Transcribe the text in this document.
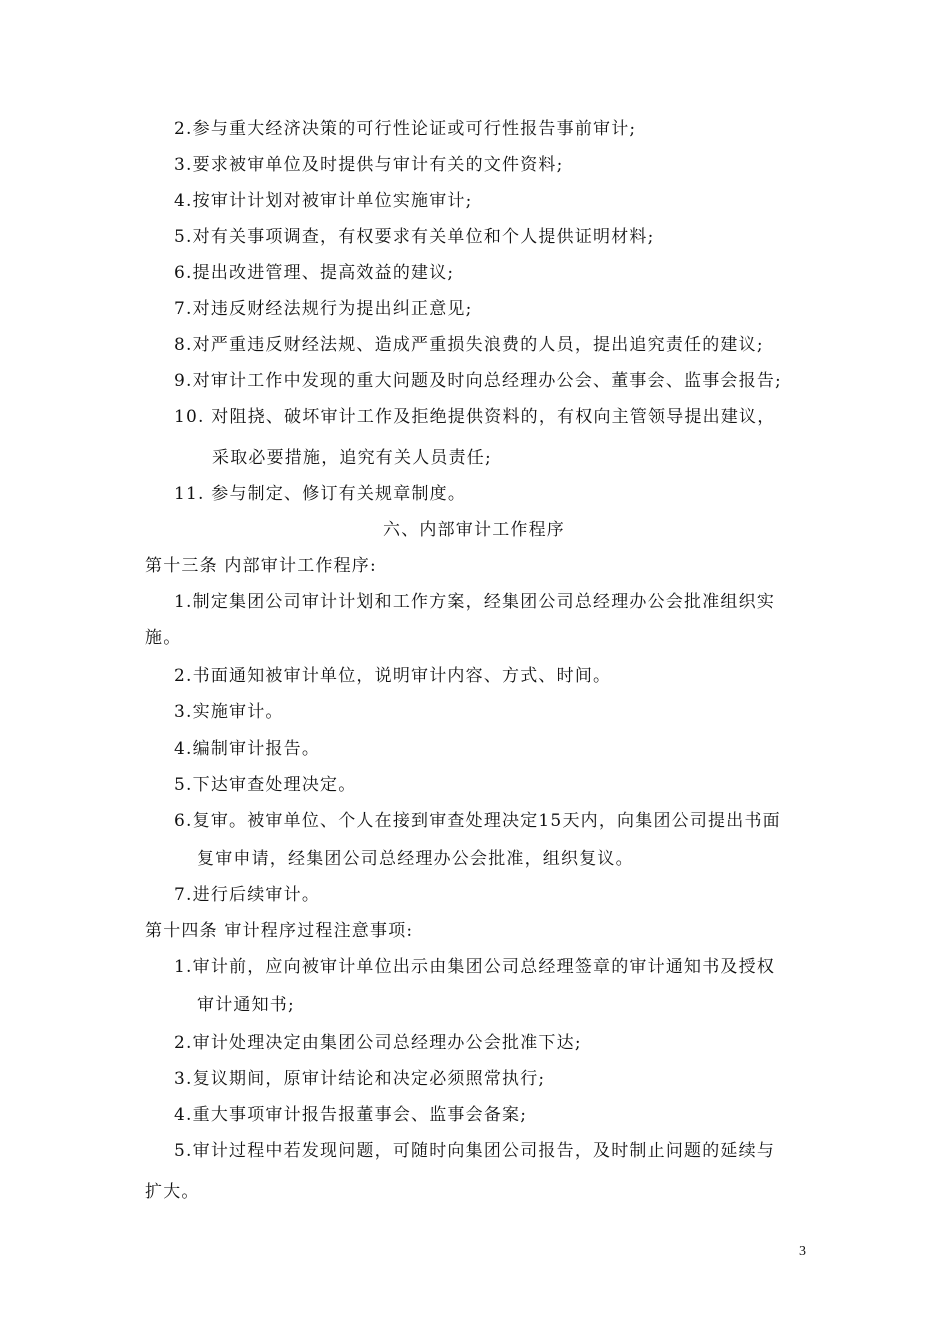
2.参与重大经济决策的可行性论证或可行性报告事前审计;
3.要求被审单位及时提供与审计有关的文件资料;
4.按审计计划对被审计单位实施审计;
5.对有关事项调查，有权要求有关单位和个人提供证明材料;
6.提出改进管理、提高效益的建议;
7.对违反财经法规行为提出纠正意见;
8.对严重违反财经法规、造成严重损失浪费的人员，提出追究责任的建议;
9.对审计工作中发现的重大问题及时向总经理办公会、董事会、监事会报告;
10. 对阻挠、破坏审计工作及拒绝提供资料的，有权向主管领导提出建议，
采取必要措施，追究有关人员责任;
11. 参与制定、修订有关规章制度。
六、内部审计工作程序
第十三条 内部审计工作程序:
1.制定集团公司审计计划和工作方案，经集团公司总经理办公会批准组织实
施。
2.书面通知被审计单位，说明审计内容、方式、时间。
3.实施审计。
4.编制审计报告。
5.下达审查处理决定。
6.复审。被审单位、个人在接到审查处理决定15天内，向集团公司提出书面
复审申请，经集团公司总经理办公会批准，组织复议。
7.进行后续审计。
第十四条 审计程序过程注意事项:
1.审计前，应向被审计单位出示由集团公司总经理签章的审计通知书及授权
审计通知书;
2.审计处理决定由集团公司总经理办公会批准下达;
3.复议期间，原审计结论和决定必须照常执行;
4.重大事项审计报告报董事会、监事会备案;
5.审计过程中若发现问题，可随时向集团公司报告，及时制止问题的延续与
扩大。
3
